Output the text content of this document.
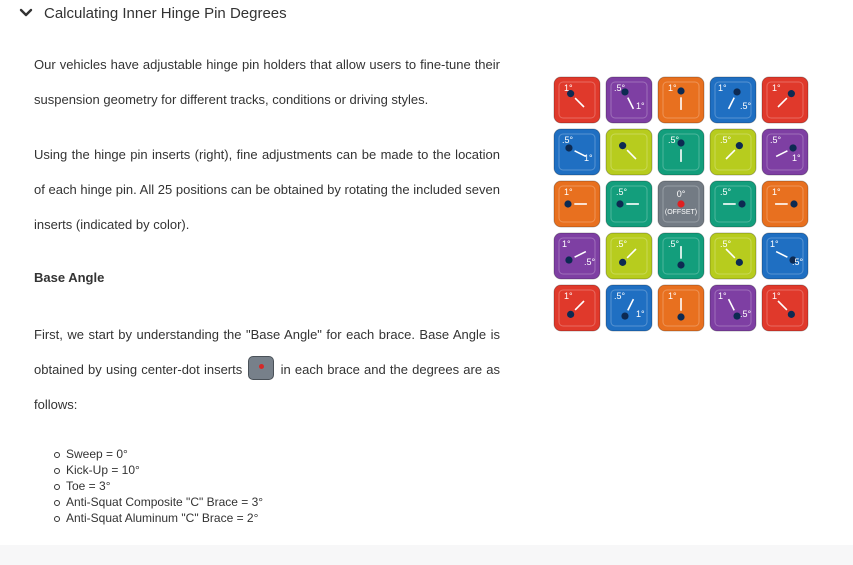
Calculating Inner Hinge Pin Degrees

Our vehicles have adjustable hinge pin holders that allow users to fine-tune their suspension geometry for different tracks, conditions or driving styles.

Using the hinge pin inserts (right), fine adjustments can be made to the location of each hinge pin. All 25 positions can be obtained by rotating the included seven inserts (indicated by color).

Base Angle

First, we start by understanding the "Base Angle" for each brace. Base Angle is obtained by using center-dot inserts	in each brace and the degrees are as follows:

Sweep = 0°
Kick-Up = 10°
Toe = 3°
Anti-Squat Composite "C" Brace = 3°
Anti-Squat Aluminum "C" Brace = 2°
1°	.5°
1°
1°	1°
.5°
1°
.5°
1°
.5°	.5°	.5°
1°
1°	.5°	0°
(OFFSET)
.5°	1°
1°
.5°
.5°	.5°	.5°	1°
.5°
1°	.5°
1°
1°	1°
.5°
1°
